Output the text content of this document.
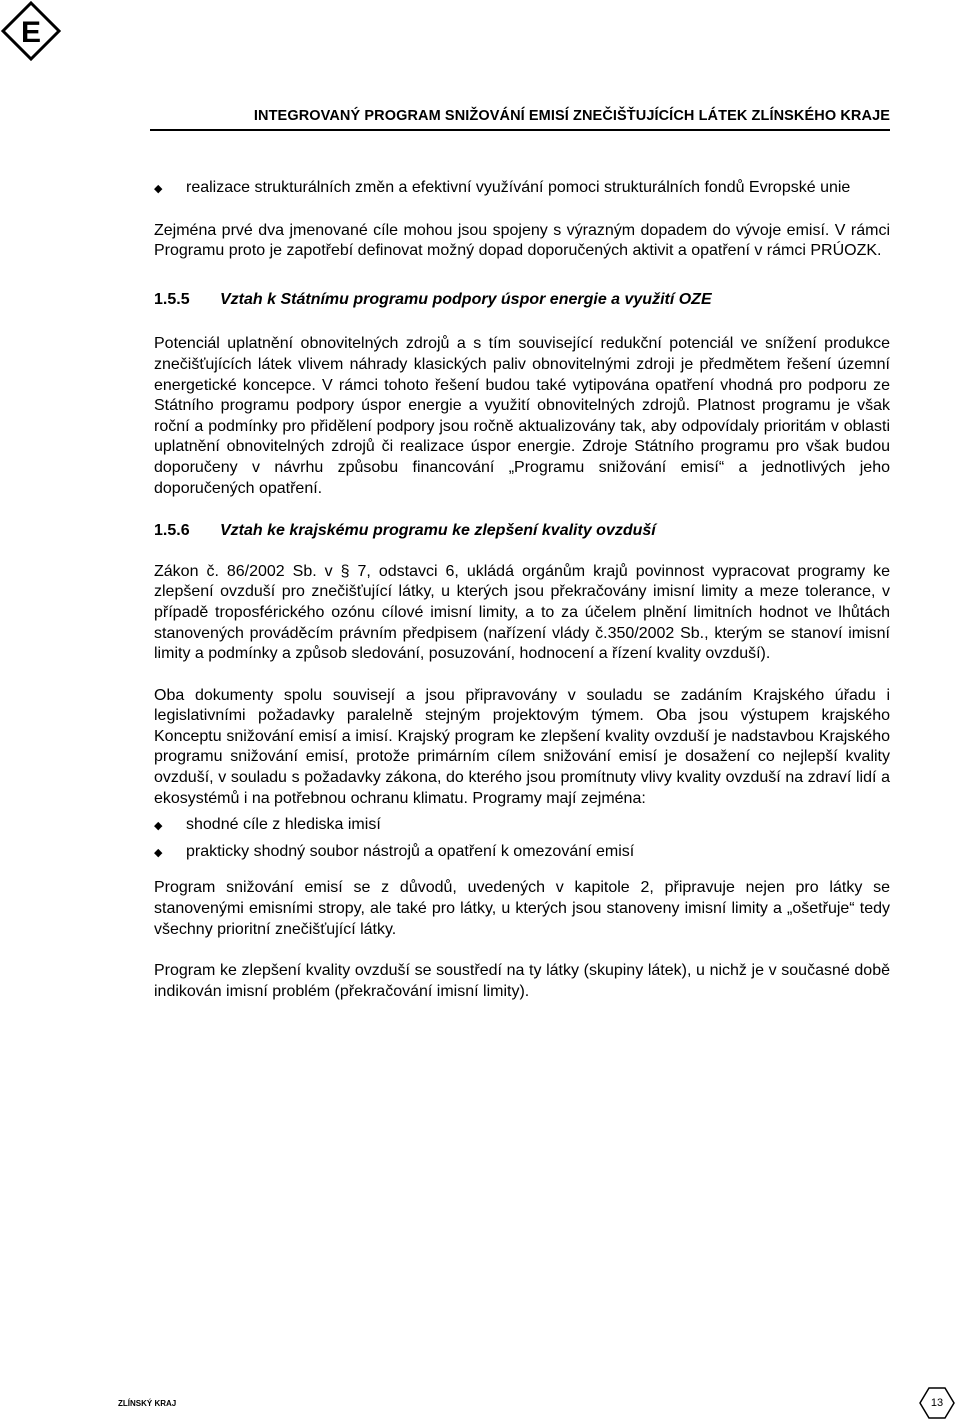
E
INTEGROVANÝ PROGRAM SNIŽOVÁNÍ EMISÍ ZNEČIŠŤUJÍCÍCH LÁTEK ZLÍNSKÉHO KRAJE
◆ realizace strukturálních změn a efektivní využívání pomoci strukturálních fondů Evropské unie

Zejména prvé dva jmenované cíle mohou jsou spojeny s výrazným dopadem do vývoje emisí. V rámci Programu proto je zapotřebí definovat možný dopad doporučených aktivit a opatření v rámci PRÚOZK.

1.5.5 Vztah k Státnímu programu podpory úspor energie a využití OZE

Potenciál uplatnění obnovitelných zdrojů a s tím související redukční potenciál ve snížení produkce znečišťujících látek vlivem náhrady klasických paliv obnovitelnými zdroji je předmětem řešení územní energetické koncepce. V rámci tohoto řešení budou také vytipována opatření vhodná pro podporu ze Státního programu podpory úspor energie a využití obnovitelných zdrojů. Platnost programu je však roční a podmínky pro přidělení podpory jsou ročně aktualizovány tak, aby odpovídaly prioritám v oblasti uplatnění obnovitelných zdrojů či realizace úspor energie. Zdroje Státního programu pro však budou doporučeny v návrhu způsobu financování „Programu snižování emisí“ a jednotlivých jeho doporučených opatření.

1.5.6 Vztah ke krajskému programu ke zlepšení kvality ovzduší

Zákon č. 86/2002 Sb. v § 7, odstavci 6, ukládá orgánům krajů povinnost vypracovat programy ke zlepšení ovzduší pro znečišťující látky, u kterých jsou překračovány imisní limity a meze tolerance, v případě troposférického ozónu cílové imisní limity, a to za účelem plnění limitních hodnot ve lhůtách stanovených prováděcím právním předpisem (nařízení vlády č.350/2002 Sb., kterým se stanoví imisní limity a podmínky a způsob sledování, posuzování, hodnocení a řízení kvality ovzduší).

Oba dokumenty spolu souvisejí a jsou připravovány v souladu se zadáním Krajského úřadu i legislativními požadavky paralelně stejným projektovým týmem. Oba jsou výstupem krajského Konceptu snižování emisí a imisí. Krajský program ke zlepšení kvality ovzduší je nadstavbou Krajského programu snižování emisí, protože primárním cílem snižování emisí je dosažení co nejlepší kvality ovzduší, v souladu s požadavky zákona, do kterého jsou promítnuty vlivy kvality ovzduší na zdraví lidí a ekosystémů i na potřebnou ochranu klimatu. Programy mají zejména:

◆ shodné cíle z hlediska imisí
◆ prakticky shodný soubor nástrojů a opatření k omezování emisí

Program snižování emisí se z důvodů, uvedených v kapitole 2, připravuje nejen pro látky se stanovenými emisními stropy, ale také pro látky, u kterých jsou stanoveny imisní limity a „ošetřuje“ tedy všechny prioritní znečišťující látky.

Program ke zlepšení kvality ovzduší se soustředí na ty látky (skupiny látek), u nichž je v současné době indikován imisní problém (překračování imisní limity).

ZLÍNSKÝ KRAJ	13
